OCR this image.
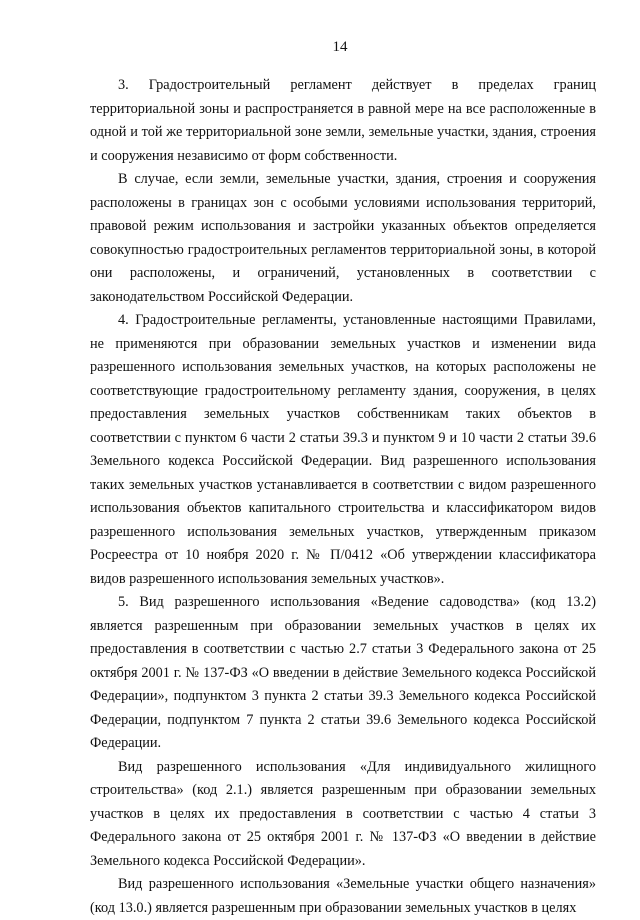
14

3. Градостроительный регламент действует в пределах границ территориальной зоны и распространяется в равной мере на все расположенные в одной и той же территориальной зоне земли, земельные участки, здания, строения и сооружения независимо от форм собственности.

В случае, если земли, земельные участки, здания, строения и сооружения расположены в границах зон с особыми условиями использования территорий, правовой режим использования и застройки указанных объектов определяется совокупностью градостроительных регламентов территориальной зоны, в которой они расположены, и ограничений, установленных в соответствии с законодательством Российской Федерации.

4. Градостроительные регламенты, установленные настоящими Правилами, не применяются при образовании земельных участков и изменении вида разрешенного использования земельных участков, на которых расположены не соответствующие градостроительному регламенту здания, сооружения, в целях предоставления земельных участков собственникам таких объектов в соответствии с пунктом 6 части 2 статьи 39.3 и пунктом 9 и 10 части 2 статьи 39.6 Земельного кодекса Российской Федерации. Вид разрешенного использования таких земельных участков устанавливается в соответствии с видом разрешенного использования объектов капитального строительства и классификатором видов разрешенного использования земельных участков, утвержденным приказом Росреестра от 10 ноября 2020 г. № П/0412 «Об утверждении классификатора видов разрешенного использования земельных участков».

5. Вид разрешенного использования «Ведение садоводства» (код 13.2) является разрешенным при образовании земельных участков в целях их предоставления в соответствии с частью 2.7 статьи 3 Федерального закона от 25 октября 2001 г. № 137-ФЗ «О введении в действие Земельного кодекса Российской Федерации», подпунктом 3 пункта 2 статьи 39.3 Земельного кодекса Российской Федерации, подпунктом 7 пункта 2 статьи 39.6 Земельного кодекса Российской Федерации.

Вид разрешенного использования «Для индивидуального жилищного строительства» (код 2.1.) является разрешенным при образовании земельных участков в целях их предоставления в соответствии с частью 4 статьи 3 Федерального закона от 25 октября 2001 г. № 137-ФЗ «О введении в действие Земельного кодекса Российской Федерации».

Вид разрешенного использования «Земельные участки общего назначения» (код 13.0.) является разрешенным при образовании земельных участков в целях
